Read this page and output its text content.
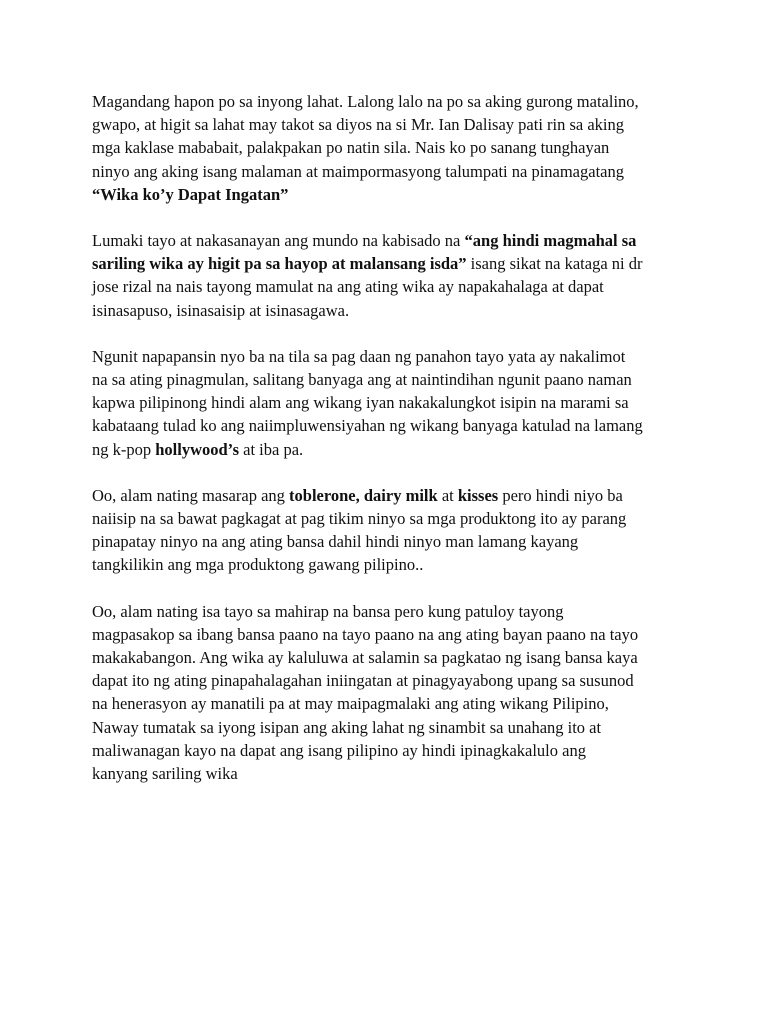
Magandang hapon po sa inyong lahat. Lalong lalo na po sa aking gurong matalino,
gwapo, at higit sa lahat may takot sa diyos na si Mr. Ian Dalisay pati rin sa aking
mga kaklase mababait, palakpakan po natin sila. Nais ko po sanang tunghayan
ninyo ang aking isang malaman at maimpormasyong talumpati na pinamagatang
“Wika ko’y Dapat Ingatan”

Lumaki tayo at nakasanayan ang mundo na kabisado na “ang hindi magmahal sa
sariling wika ay higit pa sa hayop at malansang isda” isang sikat na kataga ni dr
jose rizal na nais tayong mamulat na ang ating wika ay napakahalaga at dapat
isinasapuso, isinasaisip at isinasagawa.

Ngunit napapansin nyo ba na tila sa pag daan ng panahon tayo yata ay nakalimot
na sa ating pinagmulan, salitang banyaga ang at naintindihan ngunit paano naman
kapwa pilipinong hindi alam ang wikang iyan nakakalungkot isipin na marami sa
kabataang tulad ko ang naiimpluwensiyahan ng wikang banyaga katulad na lamang
ng k-pop hollywood’s at iba pa.

Oo, alam nating masarap ang toblerone, dairy milk at kisses pero hindi niyo ba
naiisip na sa bawat pagkagat at pag tikim ninyo sa mga produktong ito ay parang
pinapatay ninyo na ang ating bansa dahil hindi ninyo man lamang kayang
tangkilikin ang mga produktong gawang pilipino..

Oo, alam nating isa tayo sa mahirap na bansa pero kung patuloy tayong
magpasakop sa ibang bansa paano na tayo paano na ang ating bayan paano na tayo
makakabangon. Ang wika ay kaluluwa at salamin sa pagkatao ng isang bansa kaya
dapat ito ng ating pinapahalagahan iniingatan at pinagyayabong upang sa susunod
na henerasyon ay manatili pa at may maipagmalaki ang ating wikang Pilipino,
Naway tumatak sa iyong isipan ang aking lahat ng sinambit sa unahang ito at
maliwanagan kayo na dapat ang isang pilipino ay hindi ipinagkakalulo ang
kanyang sariling wika
